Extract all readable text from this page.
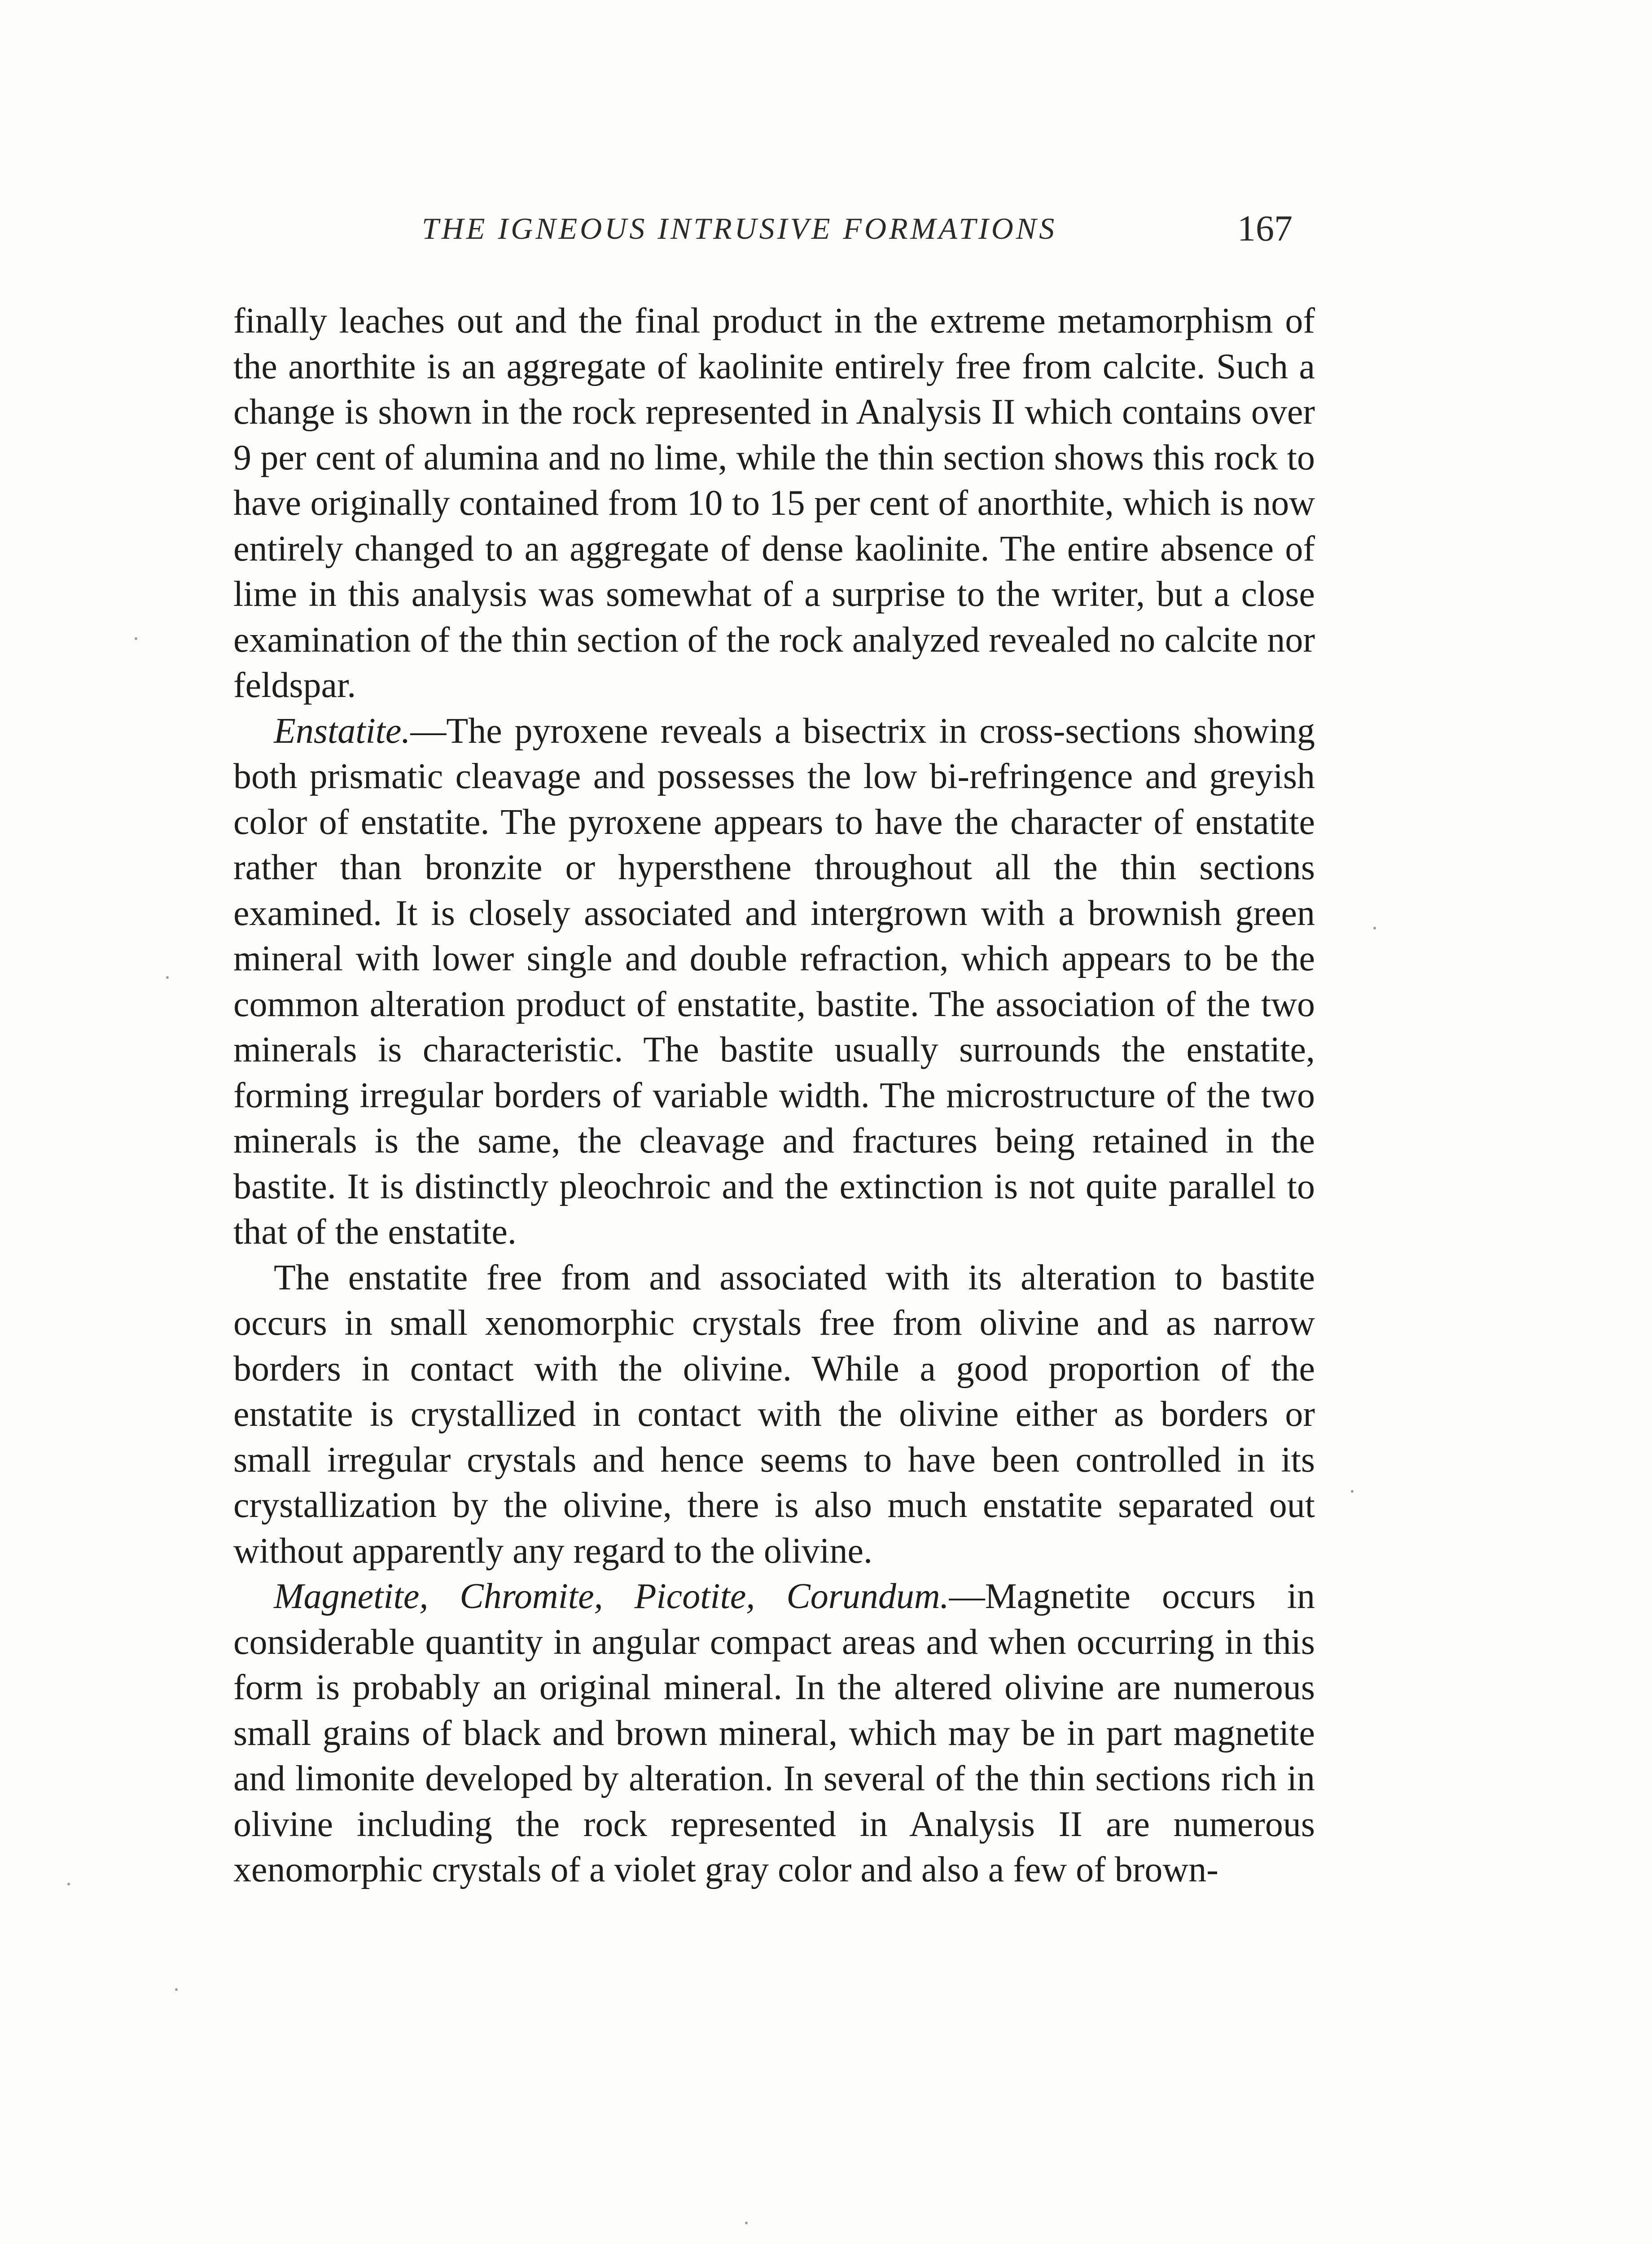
THE IGNEOUS INTRUSIVE FORMATIONS	167

finally leaches out and the final product in the extreme metamorphism of the anorthite is an aggregate of kaolinite entirely free from calcite. Such a change is shown in the rock represented in Analysis II which contains over 9 per cent of alumina and no lime, while the thin section shows this rock to have originally contained from 10 to 15 per cent of anorthite, which is now entirely changed to an aggregate of dense kaolinite. The entire absence of lime in this analysis was somewhat of a surprise to the writer, but a close examination of the thin section of the rock analyzed revealed no calcite nor feldspar.

Enstatite.—The pyroxene reveals a bisectrix in cross-sections showing both prismatic cleavage and possesses the low bi-refringence and greyish color of enstatite. The pyroxene appears to have the character of enstatite rather than bronzite or hypersthene throughout all the thin sections examined. It is closely associated and intergrown with a brownish green mineral with lower single and double refraction, which appears to be the common alteration product of enstatite, bastite. The association of the two minerals is characteristic. The bastite usually surrounds the enstatite, forming irregular borders of variable width. The microstructure of the two minerals is the same, the cleavage and fractures being retained in the bastite. It is distinctly pleochroic and the extinction is not quite parallel to that of the enstatite.

The enstatite free from and associated with its alteration to bastite occurs in small xenomorphic crystals free from olivine and as narrow borders in contact with the olivine. While a good proportion of the enstatite is crystallized in contact with the olivine either as borders or small irregular crystals and hence seems to have been controlled in its crystallization by the olivine, there is also much enstatite separated out without apparently any regard to the olivine.

Magnetite, Chromite, Picotite, Corundum.—Magnetite occurs in considerable quantity in angular compact areas and when occurring in this form is probably an original mineral. In the altered olivine are numerous small grains of black and brown mineral, which may be in part magnetite and limonite developed by alteration. In several of the thin sections rich in olivine including the rock represented in Analysis II are numerous xenomorphic crystals of a violet gray color and also a few of brown-
